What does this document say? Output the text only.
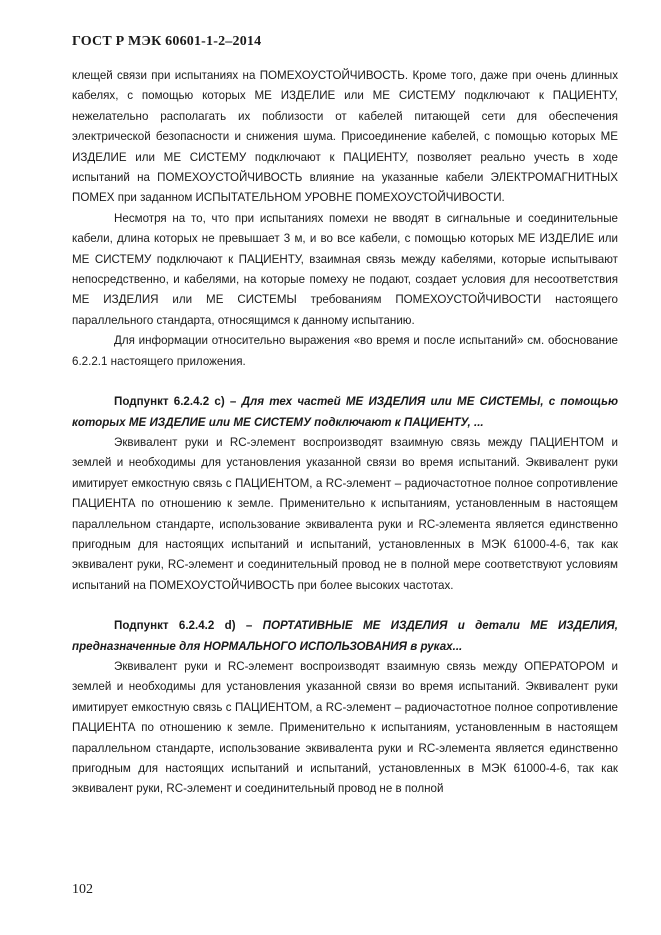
ГОСТ Р МЭК 60601-1-2–2014

клещей связи при испытаниях на ПОМЕХОУСТОЙЧИВОСТЬ. Кроме того, даже при очень длинных кабелях, с помощью которых МЕ ИЗДЕЛИЕ или МЕ СИСТЕМУ подключают к ПАЦИЕНТУ, нежелательно располагать их поблизости от кабелей питающей сети для обеспечения электрической безопасности и снижения шума. Присоединение кабелей, с помощью которых МЕ ИЗДЕЛИЕ или МЕ СИСТЕМУ подключают к ПАЦИЕНТУ, позволяет реально учесть в ходе испытаний на ПОМЕХОУСТОЙЧИВОСТЬ влияние на указанные кабели ЭЛЕКТРОМАГНИТНЫХ ПОМЕХ при заданном ИСПЫТАТЕЛЬНОМ УРОВНЕ ПОМЕХОУСТОЙЧИВОСТИ.

Несмотря на то, что при испытаниях помехи не вводят в сигнальные и соединительные кабели, длина которых не превышает 3 м, и во все кабели, с помощью которых МЕ ИЗДЕЛИЕ или МЕ СИСТЕМУ подключают к ПАЦИЕНТУ, взаимная связь между кабелями, которые испытывают непосредственно, и кабелями, на которые помеху не подают, создает условия для несоответствия МЕ ИЗДЕЛИЯ или МЕ СИСТЕМЫ требованиям ПОМЕХОУСТОЙЧИВОСТИ настоящего параллельного стандарта, относящимся к данному испытанию.

Для информации относительно выражения «во время и после испытаний» см. обоснование 6.2.2.1 настоящего приложения.

Подпункт 6.2.4.2 c) – Для тех частей МЕ ИЗДЕЛИЯ или МЕ СИСТЕМЫ, с помощью которых МЕ ИЗДЕЛИЕ или МЕ СИСТЕМУ подключают к ПАЦИЕНТУ, ...

Эквивалент руки и RC-элемент воспроизводят взаимную связь между ПАЦИЕНТОМ и землей и необходимы для установления указанной связи во время испытаний. Эквивалент руки имитирует емкостную связь с ПАЦИЕНТОМ, а RC-элемент – радиочастотное полное сопротивление ПАЦИЕНТА по отношению к земле. Применительно к испытаниям, установленным в настоящем параллельном стандарте, использование эквивалента руки и RC-элемента является единственно пригодным для настоящих испытаний и испытаний, установленных в МЭК 61000-4-6, так как эквивалент руки, RC-элемент и соединительный провод не в полной мере соответствуют условиям испытаний на ПОМЕХОУСТОЙЧИВОСТЬ при более высоких частотах.

Подпункт 6.2.4.2 d) – ПОРТАТИВНЫЕ МЕ ИЗДЕЛИЯ и детали МЕ ИЗДЕЛИЯ, предназначенные для НОРМАЛЬНОГО ИСПОЛЬЗОВАНИЯ в руках...

Эквивалент руки и RC-элемент воспроизводят взаимную связь между ОПЕРАТОРОМ и землей и необходимы для установления указанной связи во время испытаний. Эквивалент руки имитирует емкостную связь с ПАЦИЕНТОМ, а RC-элемент – радиочастотное полное сопротивление ПАЦИЕНТА по отношению к земле. Применительно к испытаниям, установленным в настоящем параллельном стандарте, использование эквивалента руки и RC-элемента является единственно пригодным для настоящих испытаний и испытаний, установленных в МЭК 61000-4-6, так как эквивалент руки, RC-элемент и соединительный провод не в полной

102
